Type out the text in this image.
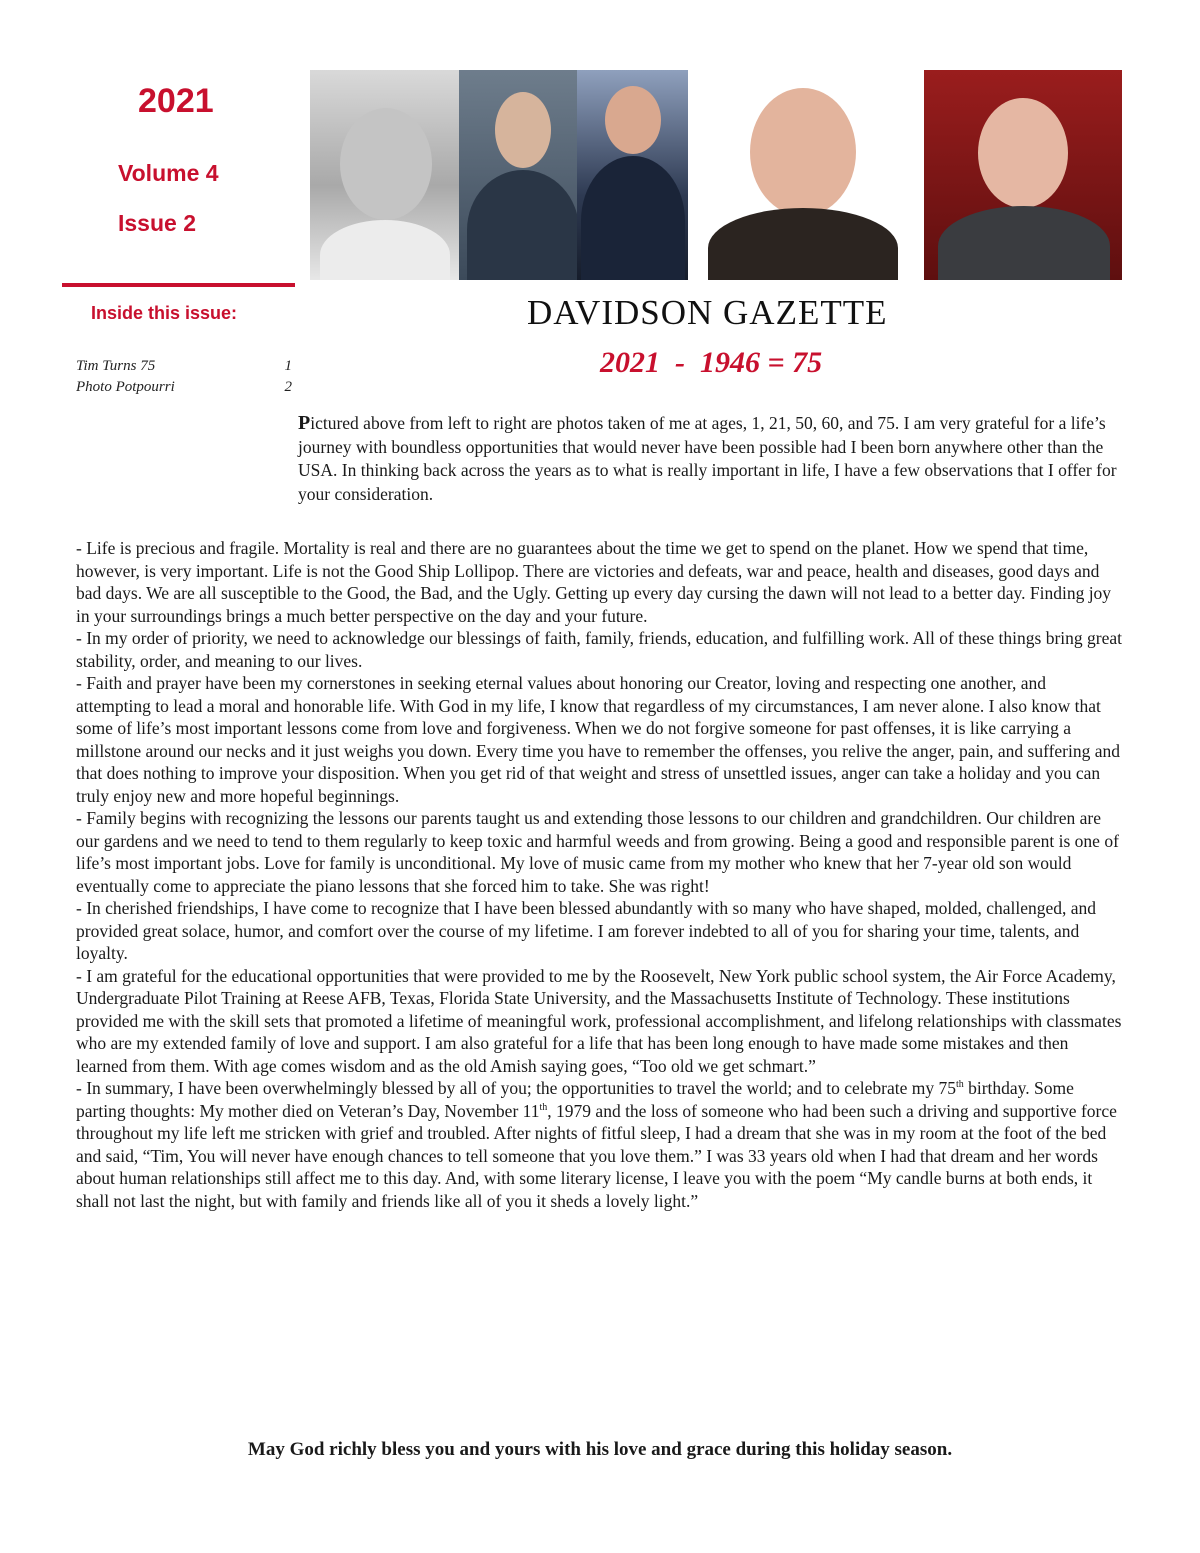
2021
Volume 4
Issue 2
Inside this issue:
Tim Turns 75	1
Photo Potpourri	2
DAVIDSON GAZETTE
2021  -  1946 = 75
Pictured above from left to right are photos taken of me at ages, 1, 21, 50, 60, and 75. I am very grateful for a life’s journey with boundless opportunities that would never have been possible had I been born anywhere other than the USA. In thinking back across the years as to what is really important in life, I have a few observations that I offer for your consideration.

- Life is precious and fragile. Mortality is real and there are no guarantees about the time we get to spend on the planet. How we spend that time, however, is very important. Life is not the Good Ship Lollipop. There are victories and defeats, war and peace, health and diseases, good days and bad days. We are all susceptible to the Good, the Bad, and the Ugly. Getting up every day cursing the dawn will not lead to a better day. Finding joy in your surroundings brings a much better perspective on the day and your future.

- In my order of priority, we need to acknowledge our blessings of faith, family, friends, education, and fulfilling work. All of these things bring great stability, order, and meaning to our lives.

- Faith and prayer have been my cornerstones in seeking eternal values about honoring our Creator, loving and respecting one another, and attempting to lead a moral and honorable life. With God in my life, I know that regardless of my circumstances, I am never alone. I also know that some of life’s most important lessons come from love and forgiveness. When we do not forgive someone for past offenses, it is like carrying a millstone around our necks and it just weighs you down. Every time you have to remember the offenses, you relive the anger, pain, and suffering and that does nothing to improve your disposition. When you get rid of that weight and stress of unsettled issues, anger can take a holiday and you can truly enjoy new and more hopeful beginnings.

- Family begins with recognizing the lessons our parents taught us and extending those lessons to our children and grandchildren. Our children are our gardens and we need to tend to them regularly to keep toxic and harmful weeds and from growing. Being a good and responsible parent is one of life’s most important jobs. Love for family is unconditional. My love of music came from my mother who knew that her 7-year old son would eventually come to appreciate the piano lessons that she forced him to take. She was right!

- In cherished friendships, I have come to recognize that I have been blessed abundantly with so many who have shaped, molded, challenged, and provided great solace, humor, and comfort over the course of my lifetime. I am forever indebted to all of you for sharing your time, talents, and loyalty.

- I am grateful for the educational opportunities that were provided to me by the Roosevelt, New York public school system, the Air Force Academy, Undergraduate Pilot Training at Reese AFB, Texas, Florida State University, and the Massachusetts Institute of Technology. These institutions provided me with the skill sets that promoted a lifetime of meaningful work, professional accomplishment, and lifelong relationships with classmates who are my extended family of love and support. I am also grateful for a life that has been long enough to have made some mistakes and then learned from them. With age comes wisdom and as the old Amish saying goes, “Too old we get schmart.”

- In summary, I have been overwhelmingly blessed by all of you; the opportunities to travel the world; and to celebrate my 75th birthday. Some parting thoughts: My mother died on Veteran’s Day, November 11th, 1979 and the loss of someone who had been such a driving and supportive force throughout my life left me stricken with grief and troubled. After nights of fitful sleep, I had a dream that she was in my room at the foot of the bed and said, “Tim, You will never have enough chances to tell someone that you love them.” I was 33 years old when I had that dream and her words about human relationships still affect me to this day. And, with some literary license, I leave you with the poem “My candle burns at both ends, it shall not last the night, but with family and friends like all of you it sheds a lovely light.”

May God richly bless you and yours with his love and grace during this holiday season.
